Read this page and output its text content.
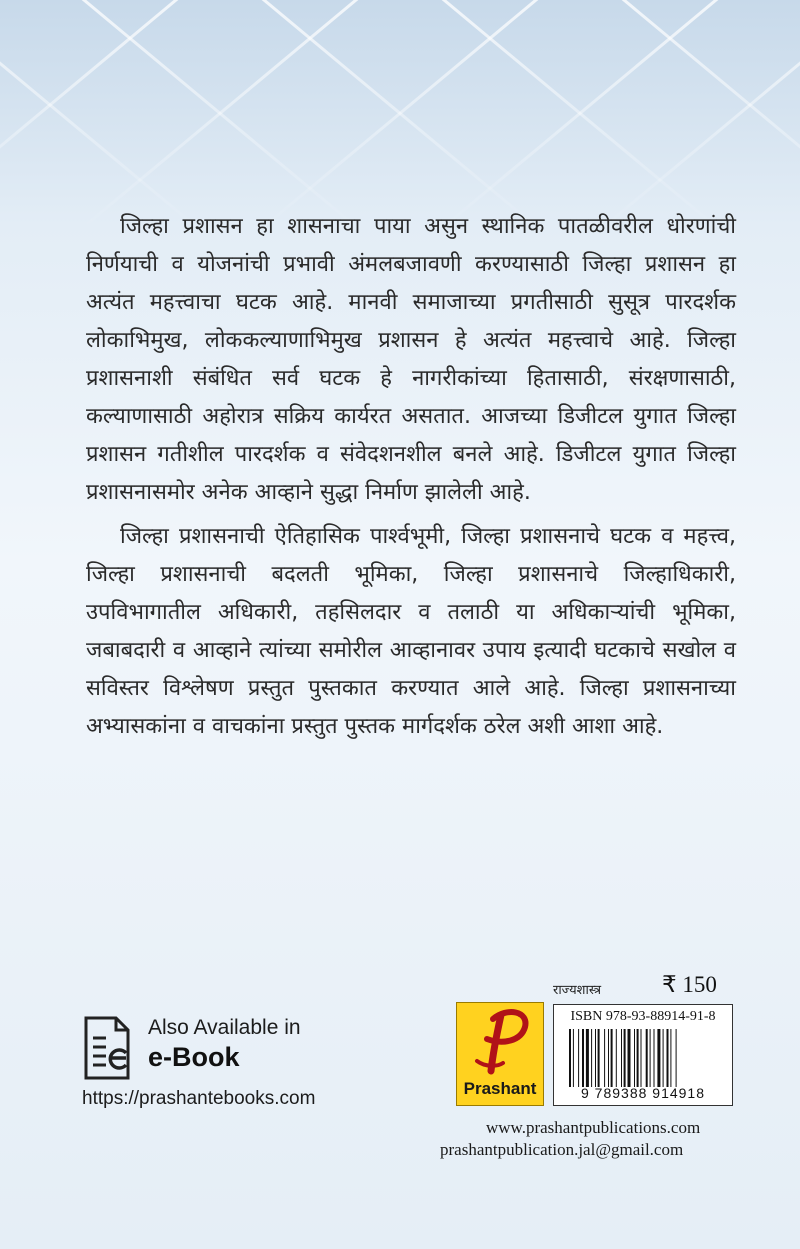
जिल्हा प्रशासन हा शासनाचा पाया असुन स्थानिक पातळीवरील धोरणांची निर्णयाची व योजनांची प्रभावी अंमलबजावणी करण्यासाठी जिल्हा प्रशासन हा अत्यंत महत्त्वाचा घटक आहे. मानवी समाजाच्या प्रगतीसाठी सुसूत्र पारदर्शक लोकाभिमुख, लोककल्याणाभिमुख प्रशासन हे अत्यंत महत्त्वाचे आहे. जिल्हा प्रशासनाशी संबंधित सर्व घटक हे नागरीकांच्या हितासाठी, संरक्षणासाठी, कल्याणासाठी अहोरात्र सक्रिय कार्यरत असतात. आजच्या डिजीटल युगात जिल्हा प्रशासन गतीशील पारदर्शक व संवेदशनशील बनले आहे. डिजीटल युगात जिल्हा प्रशासनासमोर अनेक आव्हाने सुद्धा निर्माण झालेली आहे.

जिल्हा प्रशासनाची ऐतिहासिक पार्श्वभूमी, जिल्हा प्रशासनाचे घटक व महत्त्व, जिल्हा प्रशासनाची बदलती भूमिका, जिल्हा प्रशासनाचे जिल्हाधिकारी, उपविभागातील अधिकारी, तहसिलदार व तलाठी या अधिकाऱ्यांची भूमिका, जबाबदारी व आव्हाने त्यांच्या समोरील आव्हानावर उपाय इत्यादी घटकाचे सखोल व सविस्तर विश्लेषण प्रस्तुत पुस्तकात करण्यात आले आहे. जिल्हा प्रशासनाच्या अभ्यासकांना व वाचकांना प्रस्तुत पुस्तक मार्गदर्शक ठरेल अशी आशा आहे.

Also Available in
e-Book
https://prashantebooks.com	Prashant
राज्यशास्त्र	₹ 150
ISBN 978-93-88914-91-8
9 789388 914918
www.prashantpublications.com
prashantpublication.jal@gmail.com
